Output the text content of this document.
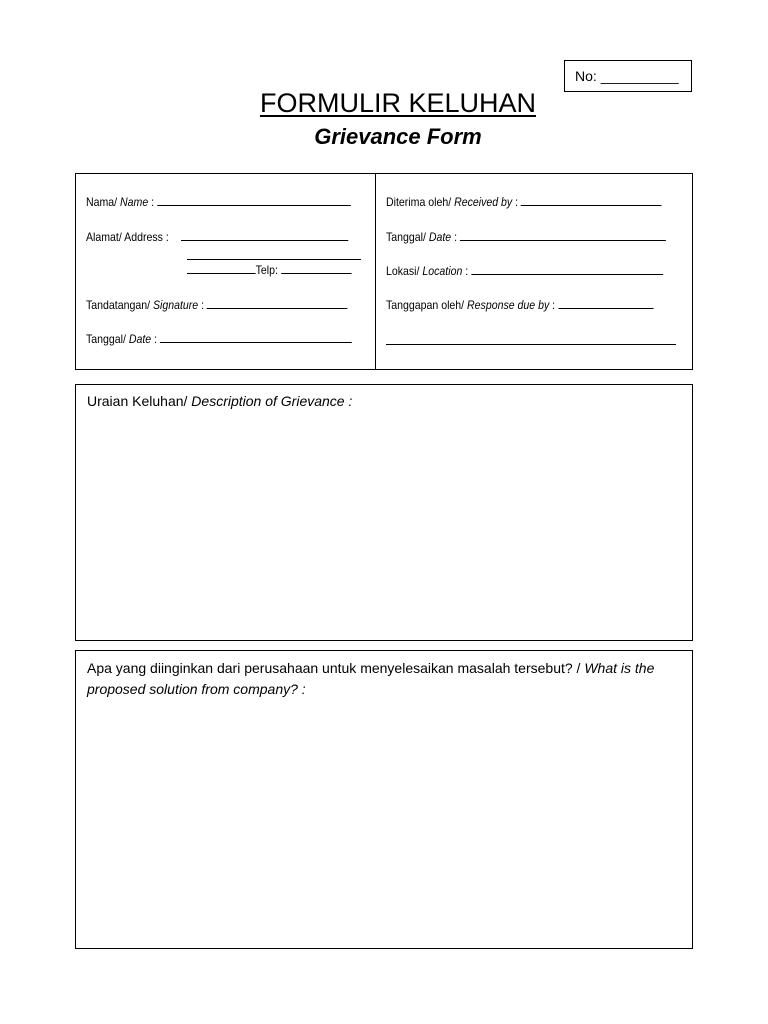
No: __________
FORMULIR KELUHAN
Grievance Form
Nama/ Name :
Alamat/ Address :
Telp:
Tandatangan/ Signature :
Tanggal/ Date :
Diterima oleh/ Received by :
Tanggal/ Date :
Lokasi/ Location :
Tanggapan oleh/ Response due by :
Uraian Keluhan/ Description of Grievance :
Apa yang diinginkan dari perusahaan untuk menyelesaikan masalah tersebut? / What is the proposed solution from company? :
